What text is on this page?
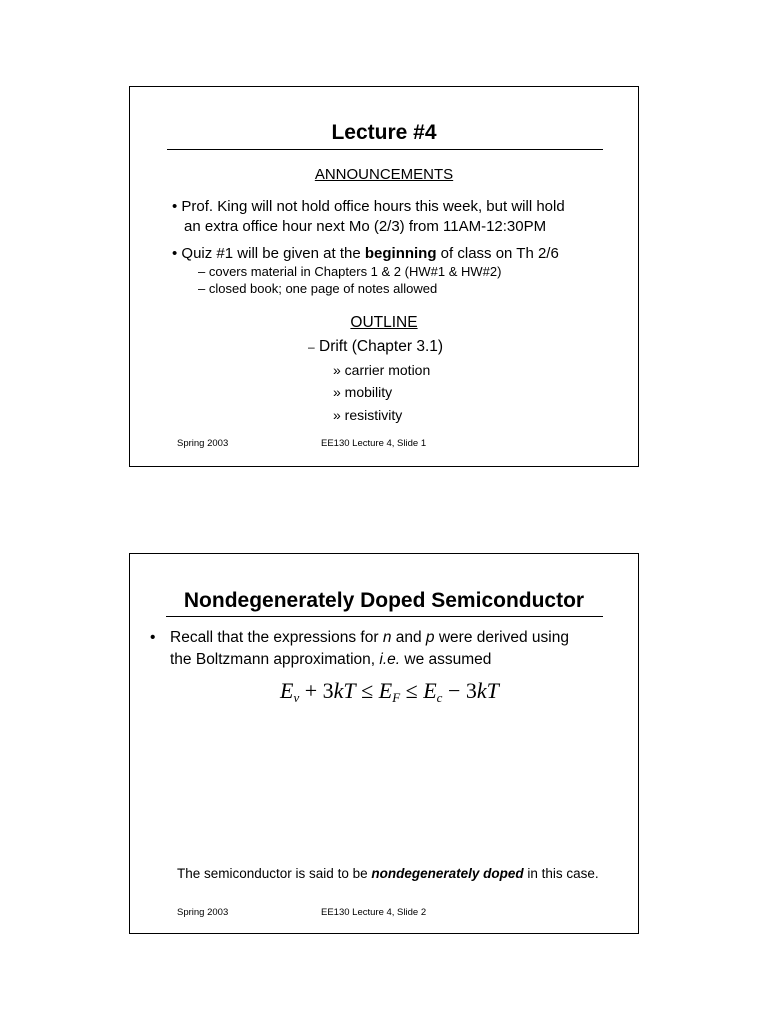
Lecture #4
ANNOUNCEMENTS
• Prof. King will not hold office hours this week, but will hold
an extra office hour next Mo (2/3) from 11AM-12:30PM
• Quiz #1 will be given at the beginning of class on Th 2/6
– covers material in Chapters 1 & 2 (HW#1 & HW#2)
– closed book; one page of notes allowed
OUTLINE
– Drift (Chapter 3.1)
» carrier motion
» mobility
» resistivity
Spring 2003	EE130 Lecture 4, Slide 1
Nondegenerately Doped Semiconductor
• Recall that the expressions for n and p were derived using
the Boltzmann approximation, i.e. we assumed
$E_v + 3kT \le E_F \le E_c - 3kT$
The semiconductor is said to be nondegenerately doped in this case.
Spring 2003	EE130 Lecture 4, Slide 2
